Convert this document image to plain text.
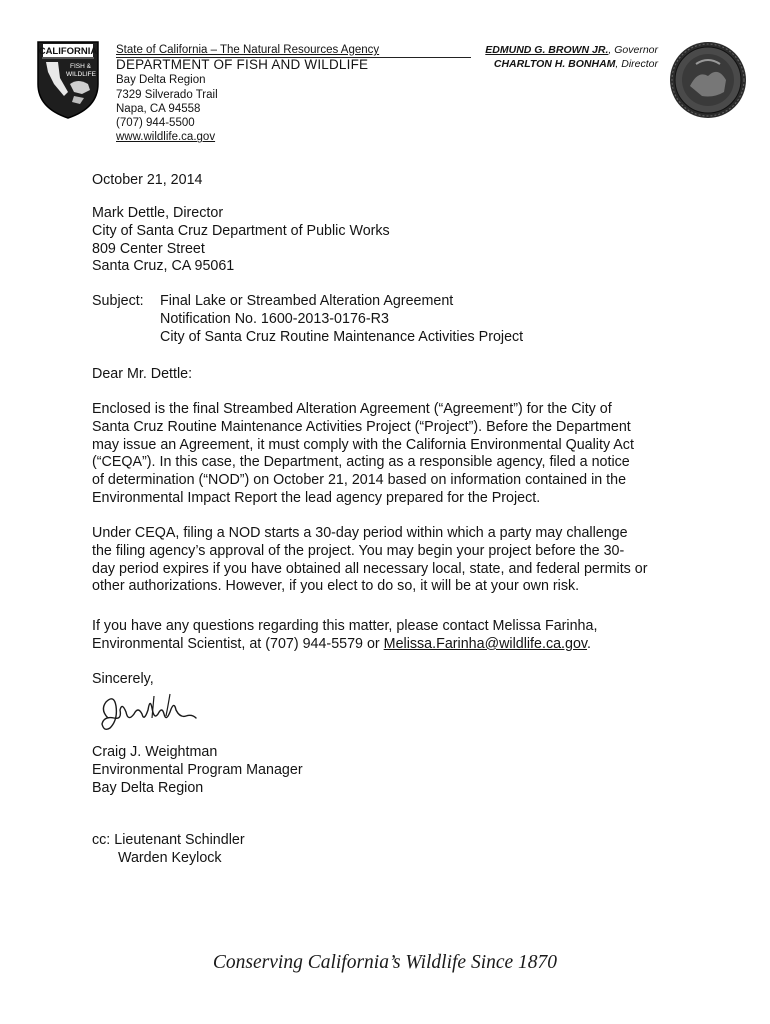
CALIFORNIA
FISH &
WILDLIFE
State of California – The Natural Resources Agency
DEPARTMENT OF FISH AND WILDLIFE
Bay Delta Region
7329 Silverado Trail
Napa, CA 94558
(707) 944-5500
www.wildlife.ca.gov
EDMUND G. BROWN JR., Governor
CHARLTON H. BONHAM, Director

October 21, 2014

Mark Dettle, Director

City of Santa Cruz Department of Public Works

809 Center Street

Santa Cruz, CA 95061

Subject:	Final Lake or Streambed Alteration Agreement

Notification No. 1600-2013-0176-R3

City of Santa Cruz Routine Maintenance Activities Project

Dear Mr. Dettle:

Enclosed is the final Streambed Alteration Agreement (“Agreement”) for the City of

Santa Cruz Routine Maintenance Activities Project (“Project”). Before the Department

may issue an Agreement, it must comply with the California Environmental Quality Act

(“CEQA”). In this case, the Department, acting as a responsible agency, filed a notice

of determination (“NOD”) on October 21, 2014 based on information contained in the

Environmental Impact Report the lead agency prepared for the Project.

Under CEQA, filing a NOD starts a 30-day period within which a party may challenge

the filing agency’s approval of the project. You may begin your project before the 30-

day period expires if you have obtained all necessary local, state, and federal permits or

other authorizations. However, if you elect to do so, it will be at your own risk.

If you have any questions regarding this matter, please contact Melissa Farinha,

Environmental Scientist, at (707) 944-5579 or Melissa.Farinha@wildlife.ca.gov.

Sincerely,

Craig J. Weightman

Environmental Program Manager

Bay Delta Region

cc: Lieutenant Schindler

Warden Keylock

Conserving California’s Wildlife Since 1870
